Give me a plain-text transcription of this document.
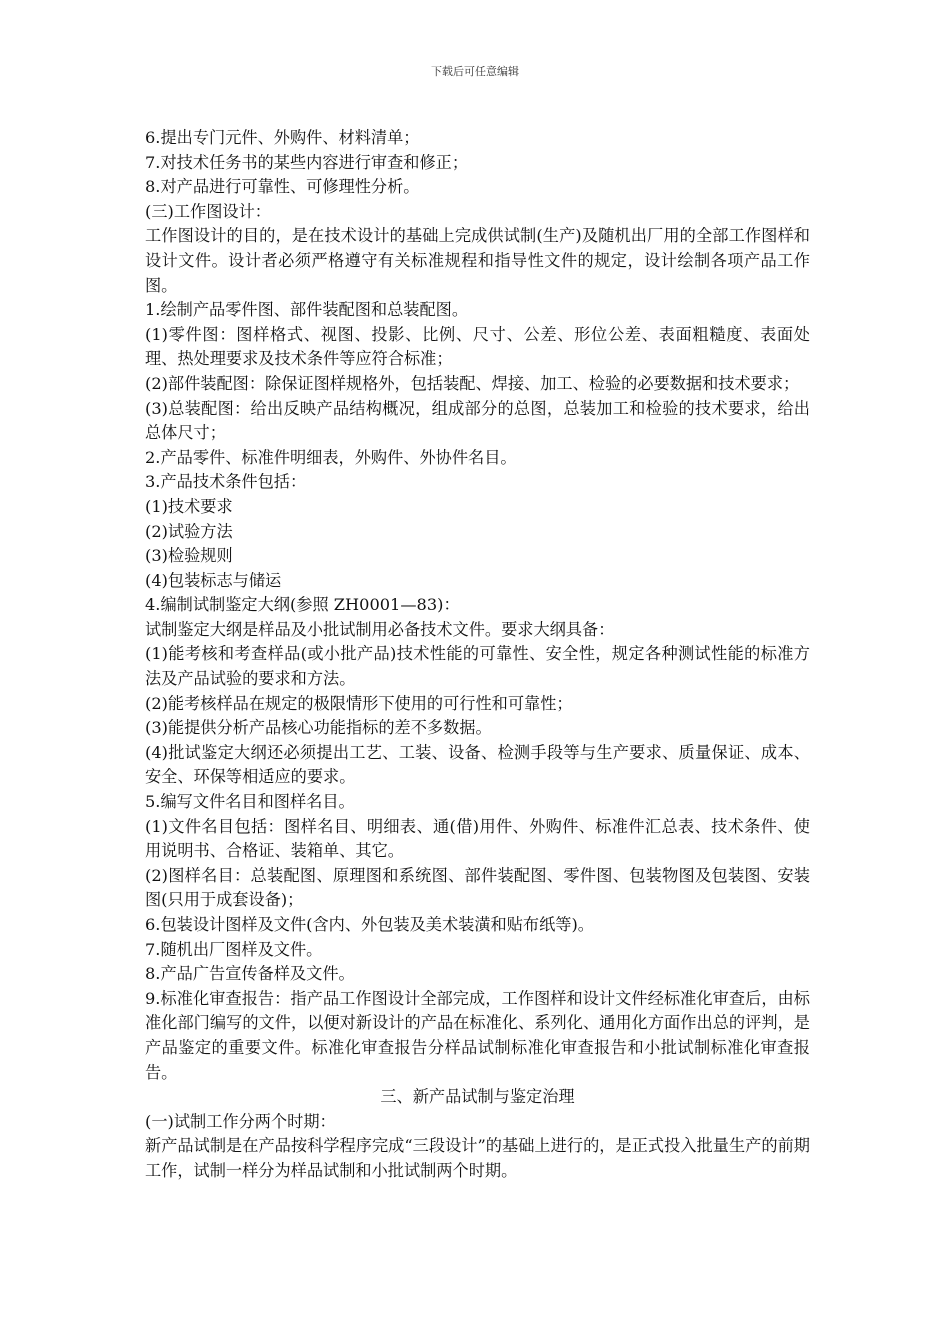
下载后可任意编辑

6.提出专门元件、外购件、材料清单；

7.对技术任务书的某些内容进行审查和修正；

8.对产品进行可靠性、可修理性分析。

(三)工作图设计：

工作图设计的目的，是在技术设计的基础上完成供试制(生产)及随机出厂用的全部工作图样和设计文件。设计者必须严格遵守有关标准规程和指导性文件的规定，设计绘制各项产品工作图。

1.绘制产品零件图、部件装配图和总装配图。

(1)零件图：图样格式、视图、投影、比例、尺寸、公差、形位公差、表面粗糙度、表面处理、热处理要求及技术条件等应符合标准；

(2)部件装配图：除保证图样规格外，包括装配、焊接、加工、检验的必要数据和技术要求；

(3)总装配图：给出反映产品结构概况，组成部分的总图，总装加工和检验的技术要求，给出总体尺寸；

2.产品零件、标准件明细表，外购件、外协件名目。

3.产品技术条件包括：

(1)技术要求

(2)试验方法

(3)检验规则

(4)包装标志与储运

4.编制试制鉴定大纲(参照 ZH0001—83)：

试制鉴定大纲是样品及小批试制用必备技术文件。要求大纲具备：

(1)能考核和考查样品(或小批产品)技术性能的可靠性、安全性，规定各种测试性能的标准方法及产品试验的要求和方法。

(2)能考核样品在规定的极限情形下使用的可行性和可靠性；

(3)能提供分析产品核心功能指标的差不多数据。

(4)批试鉴定大纲还必须提出工艺、工装、设备、检测手段等与生产要求、质量保证、成本、安全、环保等相适应的要求。

5.编写文件名目和图样名目。

(1)文件名目包括：图样名目、明细表、通(借)用件、外购件、标准件汇总表、技术条件、使用说明书、合格证、装箱单、其它。

(2)图样名目：总装配图、原理图和系统图、部件装配图、零件图、包装物图及包装图、安装图(只用于成套设备)；

6.包装设计图样及文件(含内、外包装及美术装潢和贴布纸等)。

7.随机出厂图样及文件。

8.产品广告宣传备样及文件。

9.标准化审查报告：指产品工作图设计全部完成，工作图样和设计文件经标准化审查后，由标准化部门编写的文件，以便对新设计的产品在标准化、系列化、通用化方面作出总的评判，是产品鉴定的重要文件。标准化审查报告分样品试制标准化审查报告和小批试制标准化审查报告。

三、新产品试制与鉴定治理

(一)试制工作分两个时期：

新产品试制是在产品按科学程序完成“三段设计”的基础上进行的，是正式投入批量生产的前期工作，试制一样分为样品试制和小批试制两个时期。
